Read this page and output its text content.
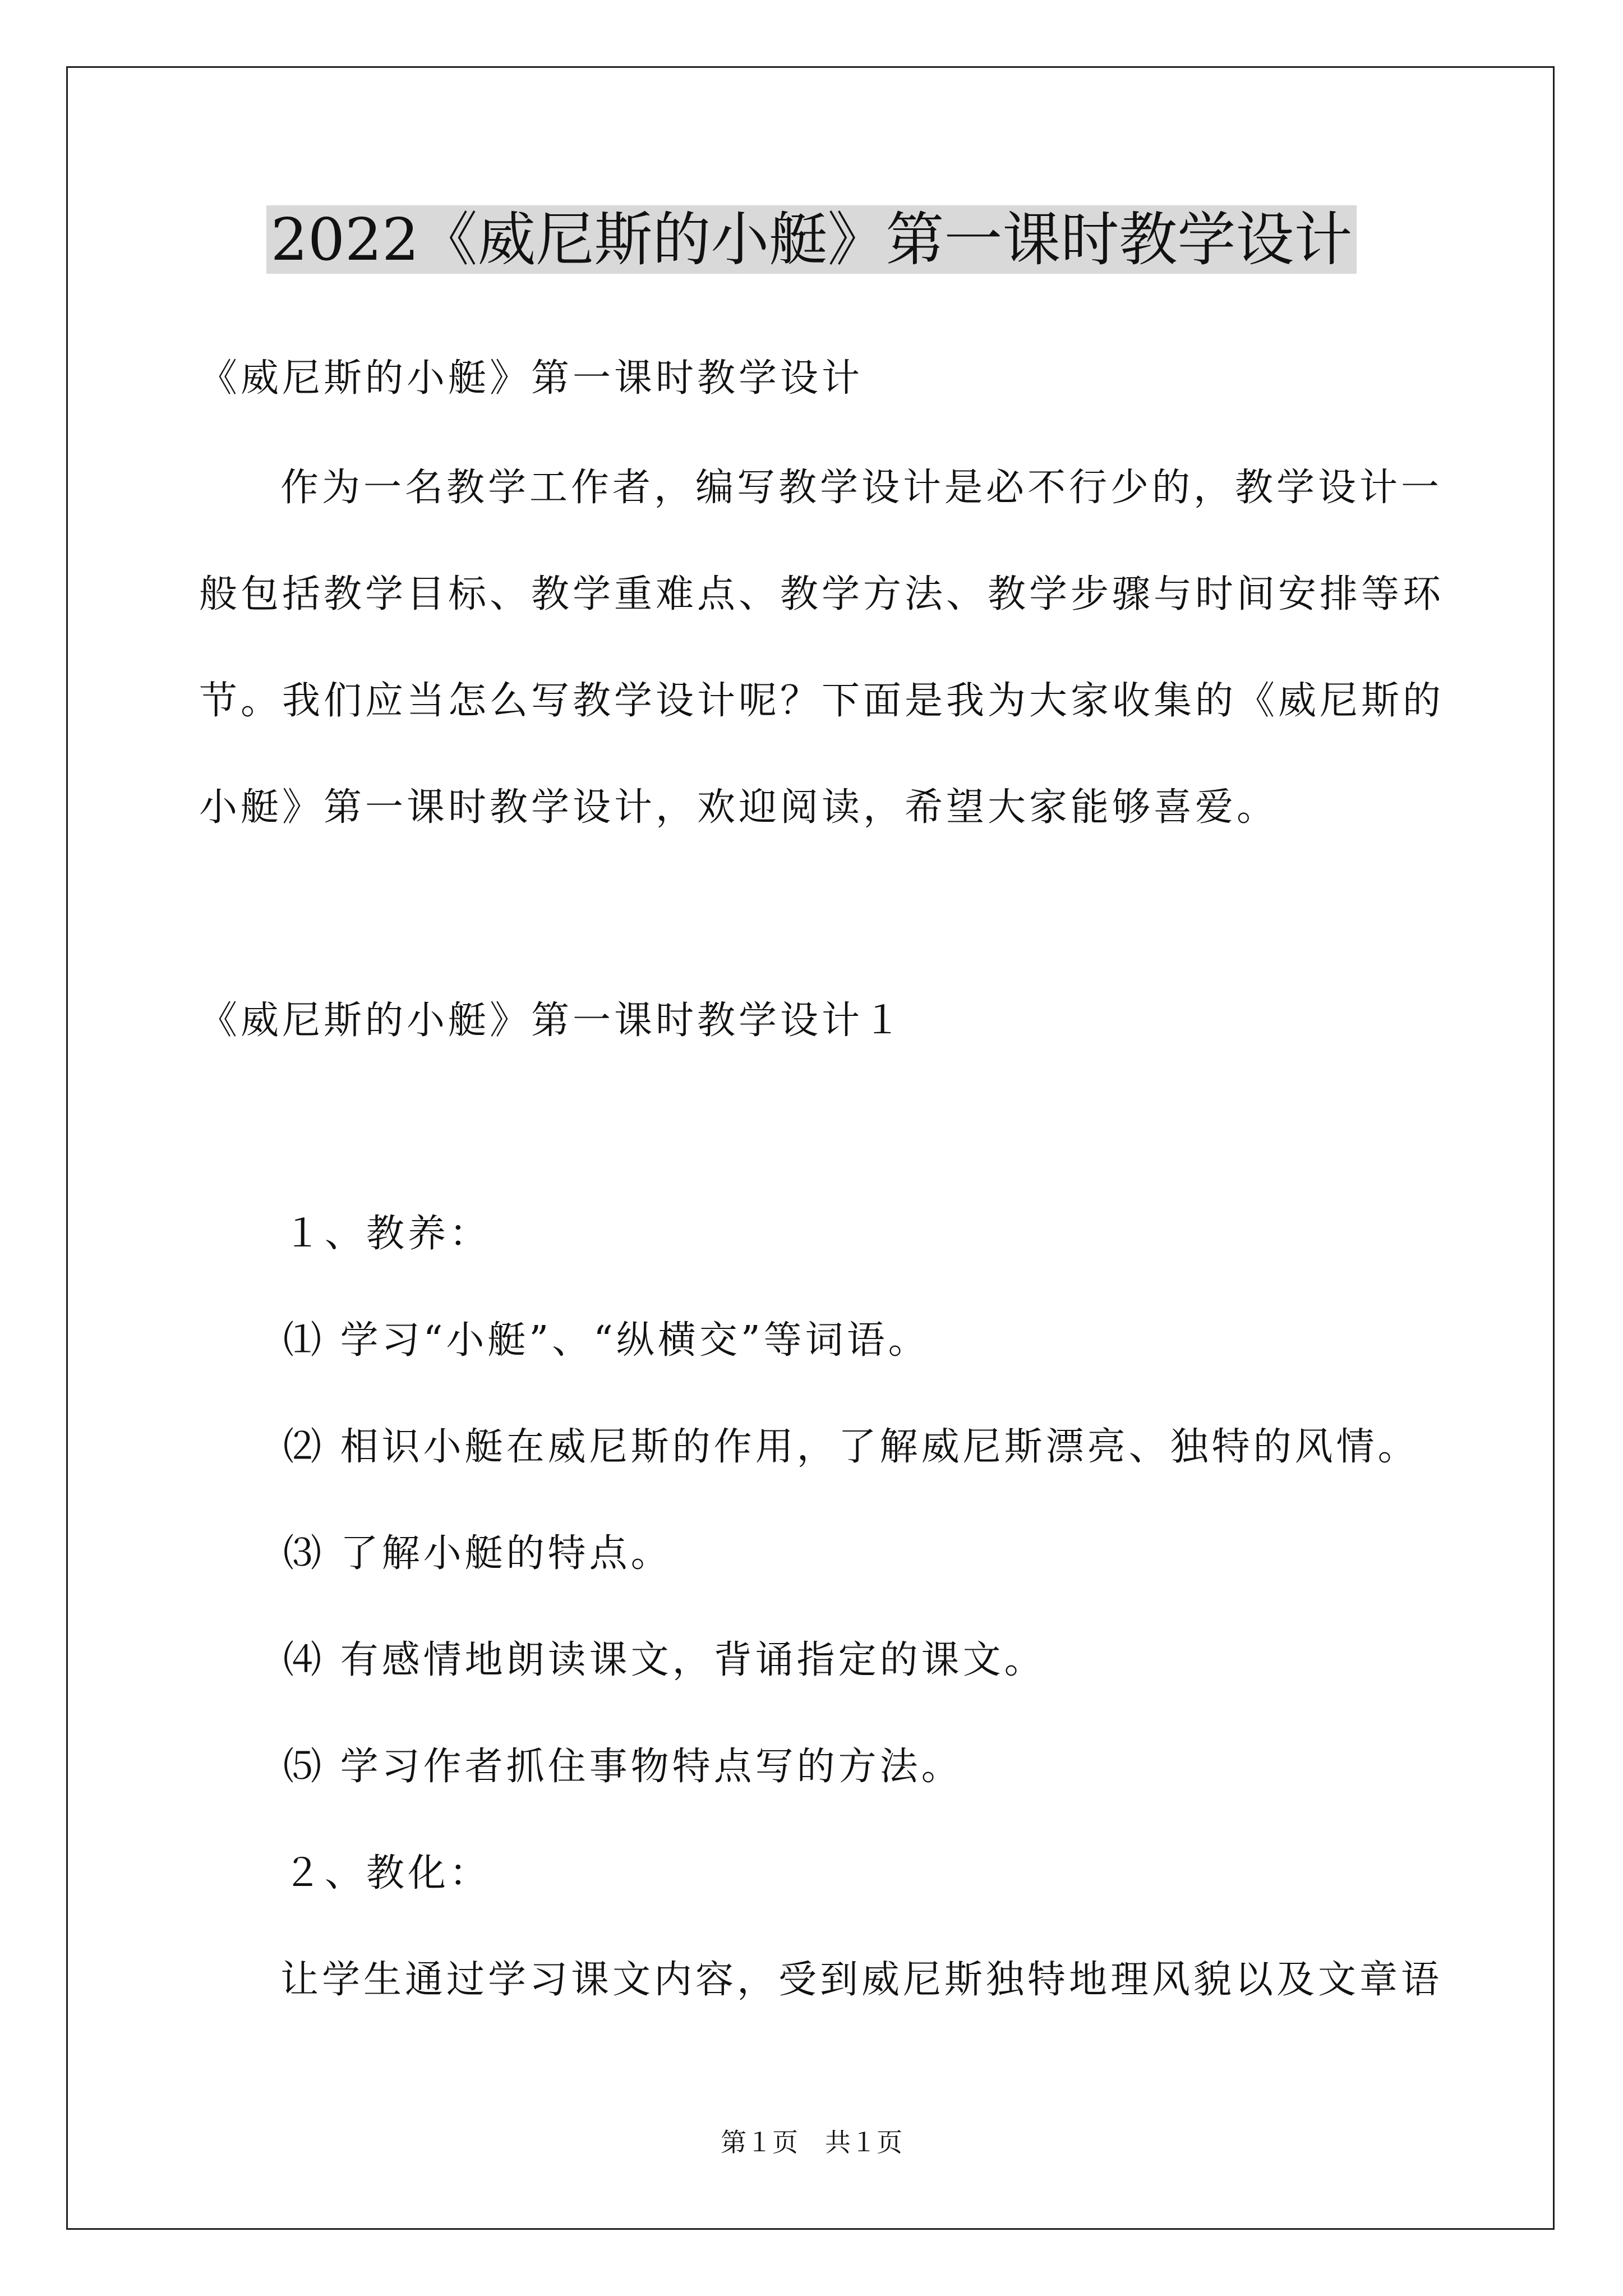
2022《威尼斯的小艇》第一课时教学设计
《威尼斯的小艇》第一课时教学设计
作为一名教学工作者，编写教学设计是必不行少的，教学设计一
般包括教学目标、教学重难点、教学方法、教学步骤与时间安排等环
节。我们应当怎么写教学设计呢？下面是我为大家收集的《威尼斯的
小艇》第一课时教学设计，欢迎阅读，希望大家能够喜爱。
《威尼斯的小艇》第一课时教学设计１
１、教养：
⑴ 学习“小艇”、“纵横交”等词语。
⑵ 相识小艇在威尼斯的作用，了解威尼斯漂亮、独特的风情。
⑶ 了解小艇的特点。
⑷ 有感情地朗读课文，背诵指定的课文。
⑸ 学习作者抓住事物特点写的方法。
２、教化：
让学生通过学习课文内容，受到威尼斯独特地理风貌以及文章语
第１页 共１页
